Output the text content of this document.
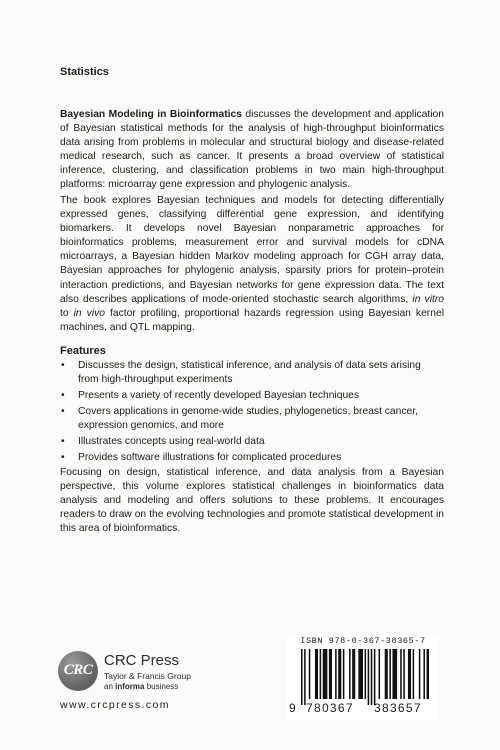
Statistics

Bayesian Modeling in Bioinformatics discusses the development and application of Bayesian statistical methods for the analysis of high-throughput bioinformatics data arising from problems in molecular and structural biology and disease-related medical research, such as cancer. It presents a broad overview of statistical inference, clustering, and classification problems in two main high-throughput platforms: microarray gene expression and phylogenic analysis.

The book explores Bayesian techniques and models for detecting differentially expressed genes, classifying differential gene expression, and identifying biomarkers. It develops novel Bayesian nonparametric approaches for bioinformatics problems, measurement error and survival models for cDNA microarrays, a Bayesian hidden Markov modeling approach for CGH array data, Bayesian approaches for phylogenic analysis, sparsity priors for protein–protein interaction predictions, and Bayesian networks for gene expression data. The text also describes applications of mode-oriented stochastic search algorithms, in vitro to in vivo factor profiling, proportional hazards regression using Bayesian kernel machines, and QTL mapping.

Features
• Discusses the design, statistical inference, and analysis of data sets arising from high-throughput experiments
• Presents a variety of recently developed Bayesian techniques
• Covers applications in genome-wide studies, phylogenetics, breast cancer, expression genomics, and more
• Illustrates concepts using real-world data
• Provides software illustrations for complicated procedures

Focusing on design, statistical inference, and data analysis from a Bayesian perspective, this volume explores statistical challenges in bioinformatics data analysis and modeling and offers solutions to these problems. It encourages readers to draw on the evolving technologies and promote statistical development in this area of bioinformatics.

CRC
CRC Press
Taylor & Francis Group
an informa business
www.crcpress.com
ISBN 978-0-367-38365-7
9 780367 383657
